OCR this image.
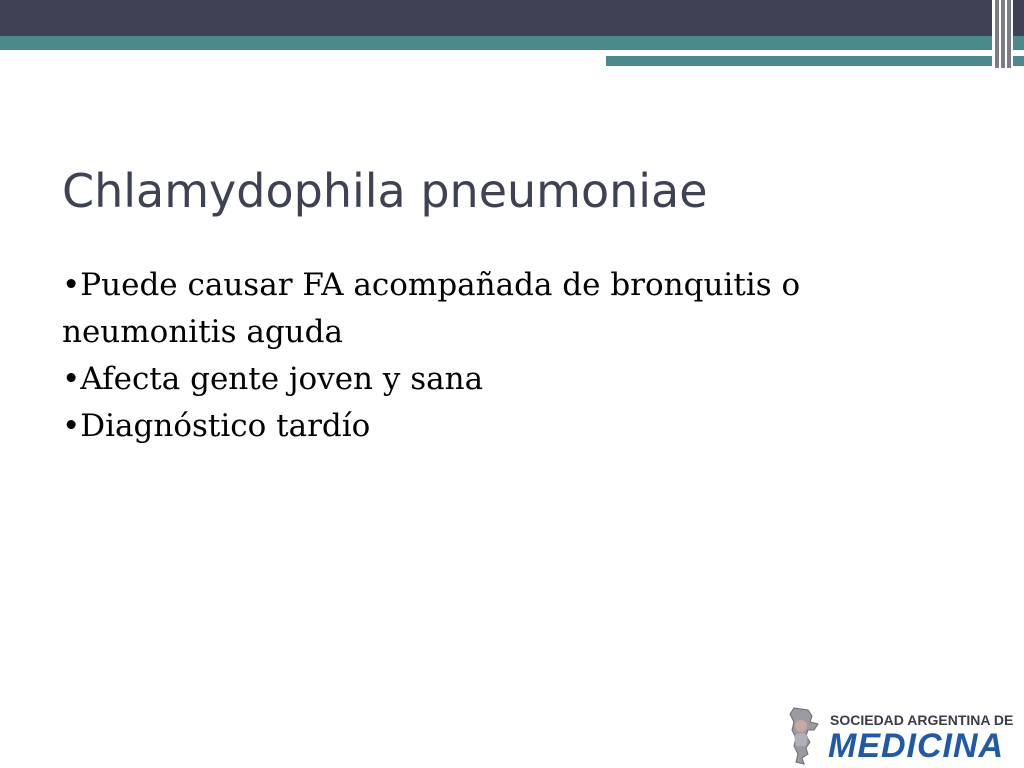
Chlamydophila pneumoniae

•Puede causar FA acompañada de bronquitis o neumonitis aguda

•Afecta gente joven y sana

•Diagnóstico tardío

SOCIEDAD ARGENTINA DE
MEDICINA
